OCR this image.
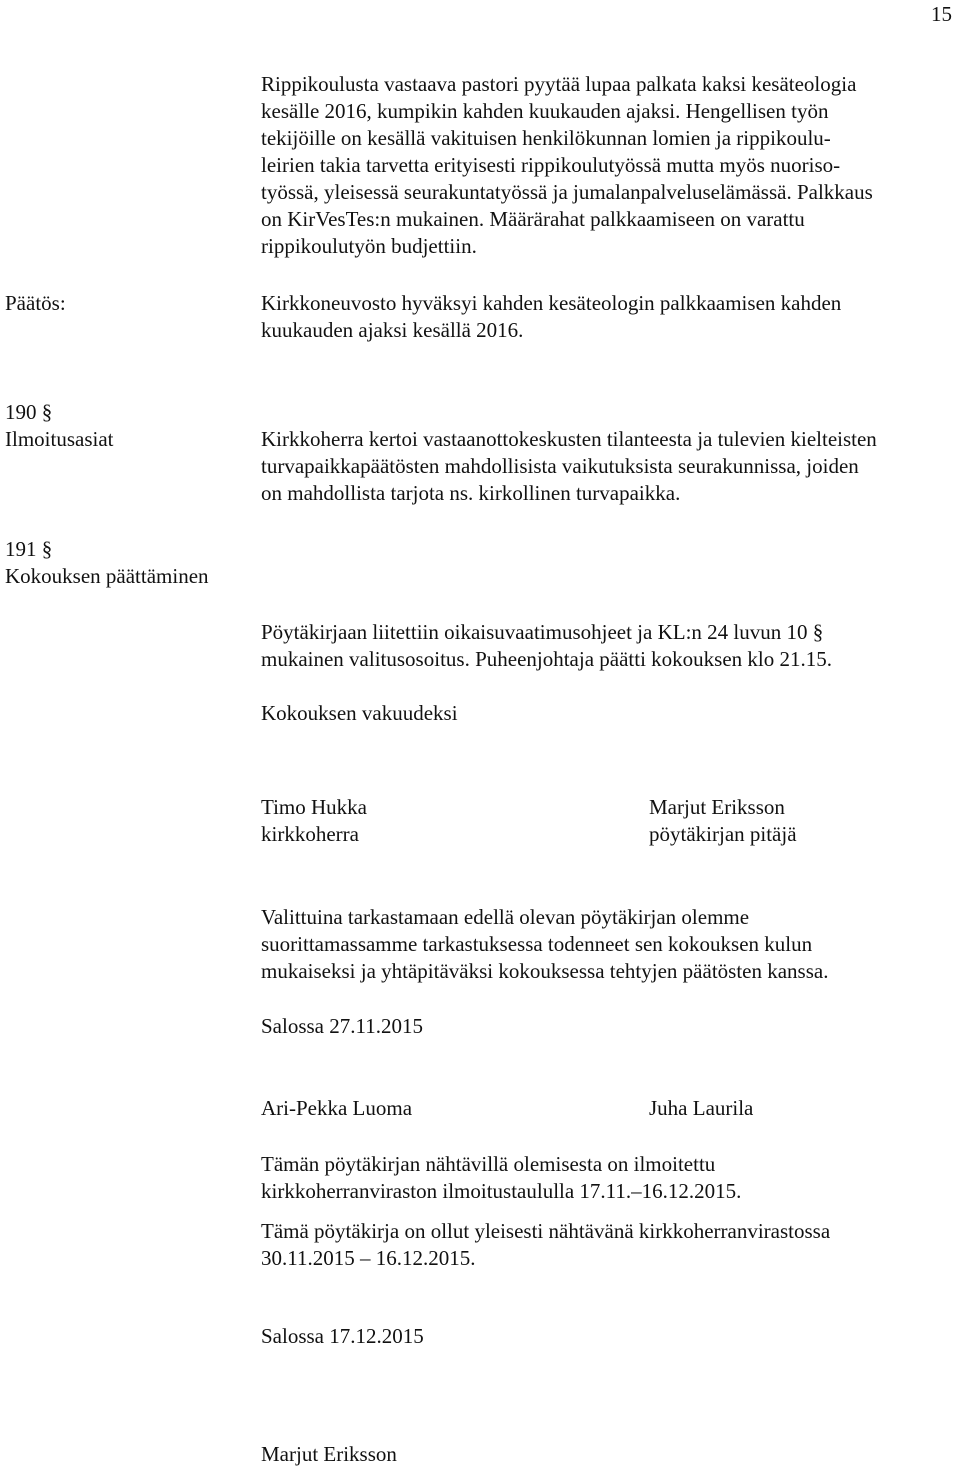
15
Rippikoulusta vastaava pastori pyytää lupaa palkata kaksi kesäteologia
kesälle 2016, kumpikin kahden kuukauden ajaksi. Hengellisen työn
tekijöille on kesällä vakituisen henkilökunnan lomien ja rippikoulu-
leirien takia tarvetta erityisesti rippikoulutyössä mutta myös nuoriso-
työssä, yleisessä seurakuntatyössä ja jumalanpalveluselämässä. Palkkaus
on KirVesTes:n mukainen. Määrärahat palkkaamiseen on varattu
rippikoulutyön budjettiin.
Päätös:	Kirkkoneuvosto hyväksyi kahden kesäteologin palkkaamisen kahden
kuukauden ajaksi kesällä 2016.
190 §
Ilmoitusasiat	Kirkkoherra kertoi vastaanottokeskusten tilanteesta ja tulevien kielteisten
turvapaikkapäätösten mahdollisista vaikutuksista seurakunnissa, joiden
on mahdollista tarjota ns. kirkollinen turvapaikka.
191 §
Kokouksen päättäminen
Pöytäkirjaan liitettiin oikaisuvaatimusohjeet ja KL:n 24 luvun 10 §
mukainen valitusosoitus. Puheenjohtaja päätti kokouksen klo 21.15.
Kokouksen vakuudeksi
Timo Hukka
kirkkoherra
Marjut Eriksson
pöytäkirjan pitäjä
Valittuina tarkastamaan edellä olevan pöytäkirjan olemme
suorittamassamme tarkastuksessa todenneet sen kokouksen kulun
mukaiseksi ja yhtäpitäväksi kokouksessa tehtyjen päätösten kanssa.
Salossa 27.11.2015
Ari-Pekka Luoma	Juha Laurila
Tämän pöytäkirjan nähtävillä olemisesta on ilmoitettu
kirkkoherranviraston ilmoitustaululla 17.11.–16.12.2015.
Tämä pöytäkirja on ollut yleisesti nähtävänä kirkkoherranvirastossa
30.11.2015 – 16.12.2015.
Salossa 17.12.2015
Marjut Eriksson
